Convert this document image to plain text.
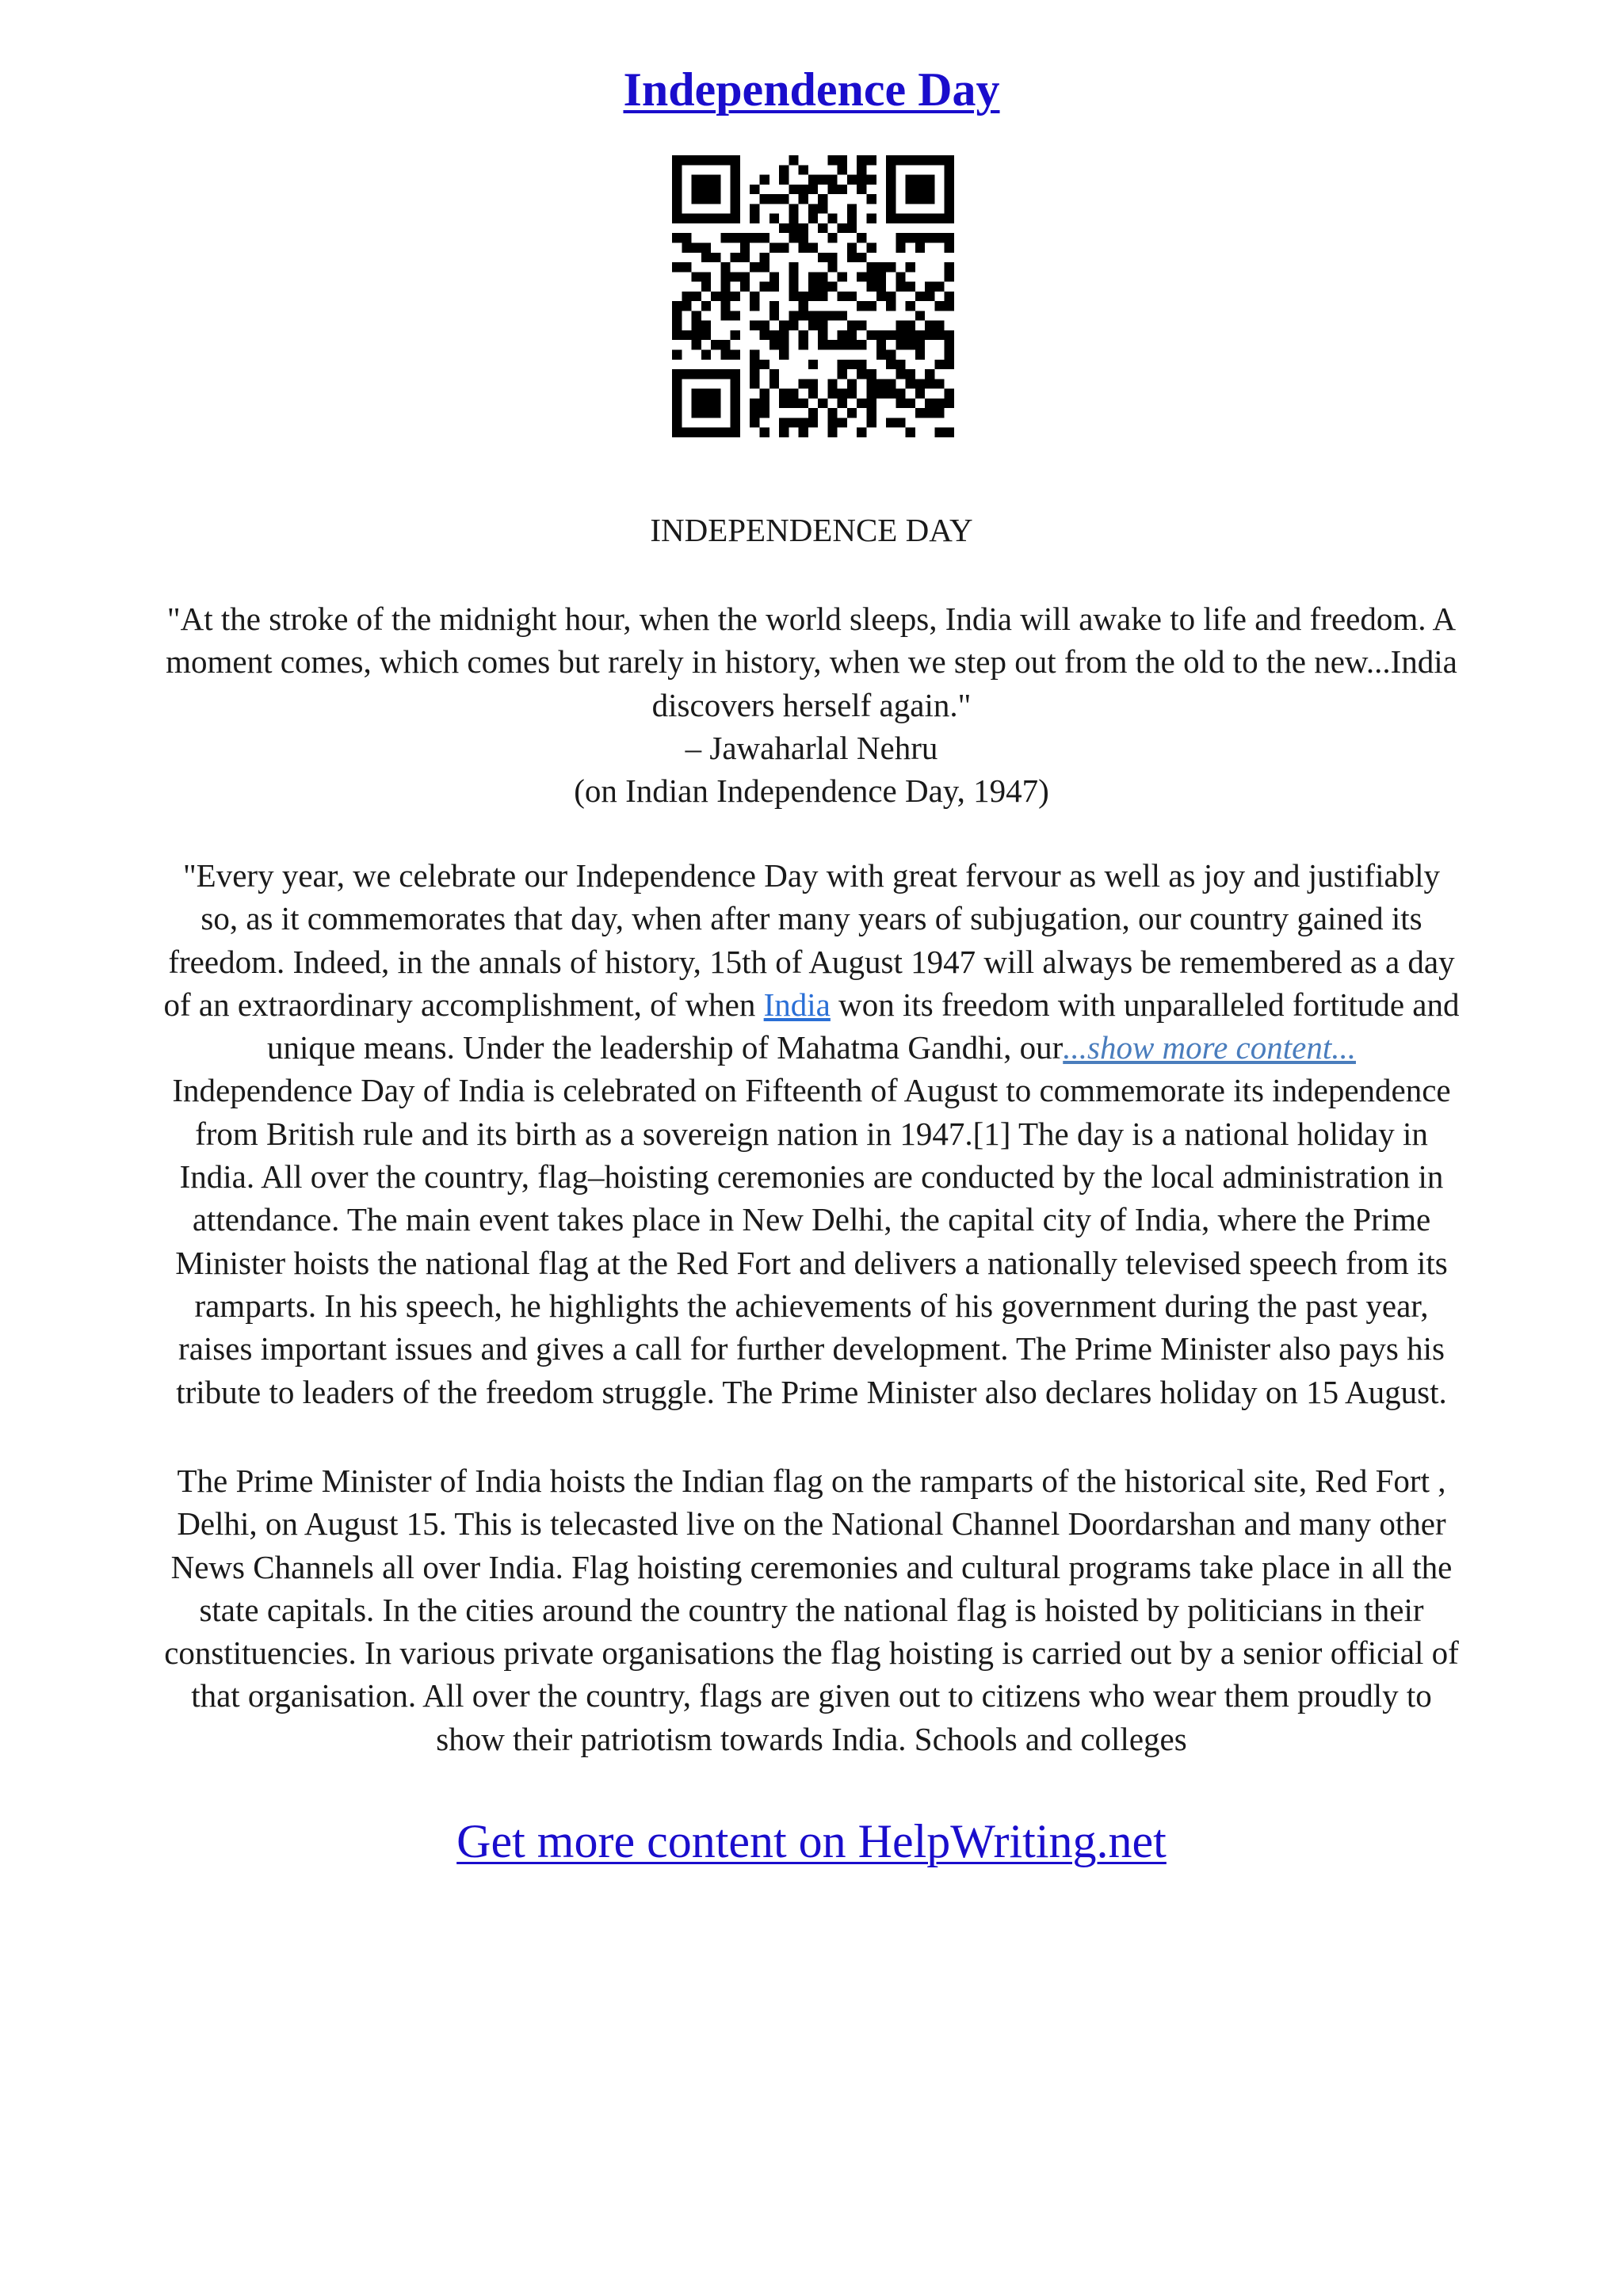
Independence Day
INDEPENDENCE DAY
"At the stroke of the midnight hour, when the world sleeps, India will awake to life and freedom. A
moment comes, which comes but rarely in history, when we step out from the old to the new...India
discovers herself again."
– Jawaharlal Nehru
(on Indian Independence Day, 1947)
"Every year, we celebrate our Independence Day with great fervour as well as joy and justifiably
so, as it commemorates that day, when after many years of subjugation, our country gained its
freedom. Indeed, in the annals of history, 15th of August 1947 will always be remembered as a day
of an extraordinary accomplishment, of when India won its freedom with unparalleled fortitude and
unique means. Under the leadership of Mahatma Gandhi, our...show more content...
Independence Day of India is celebrated on Fifteenth of August to commemorate its independence
from British rule and its birth as a sovereign nation in 1947.[1] The day is a national holiday in
India. All over the country, flag–hoisting ceremonies are conducted by the local administration in
attendance. The main event takes place in New Delhi, the capital city of India, where the Prime
Minister hoists the national flag at the Red Fort and delivers a nationally televised speech from its
ramparts. In his speech, he highlights the achievements of his government during the past year,
raises important issues and gives a call for further development. The Prime Minister also pays his
tribute to leaders of the freedom struggle. The Prime Minister also declares holiday on 15 August.
The Prime Minister of India hoists the Indian flag on the ramparts of the historical site, Red Fort ,
Delhi, on August 15. This is telecasted live on the National Channel Doordarshan and many other
News Channels all over India. Flag hoisting ceremonies and cultural programs take place in all the
state capitals. In the cities around the country the national flag is hoisted by politicians in their
constituencies. In various private organisations the flag hoisting is carried out by a senior official of
that organisation. All over the country, flags are given out to citizens who wear them proudly to
show their patriotism towards India. Schools and colleges
Get more content on HelpWriting.net
